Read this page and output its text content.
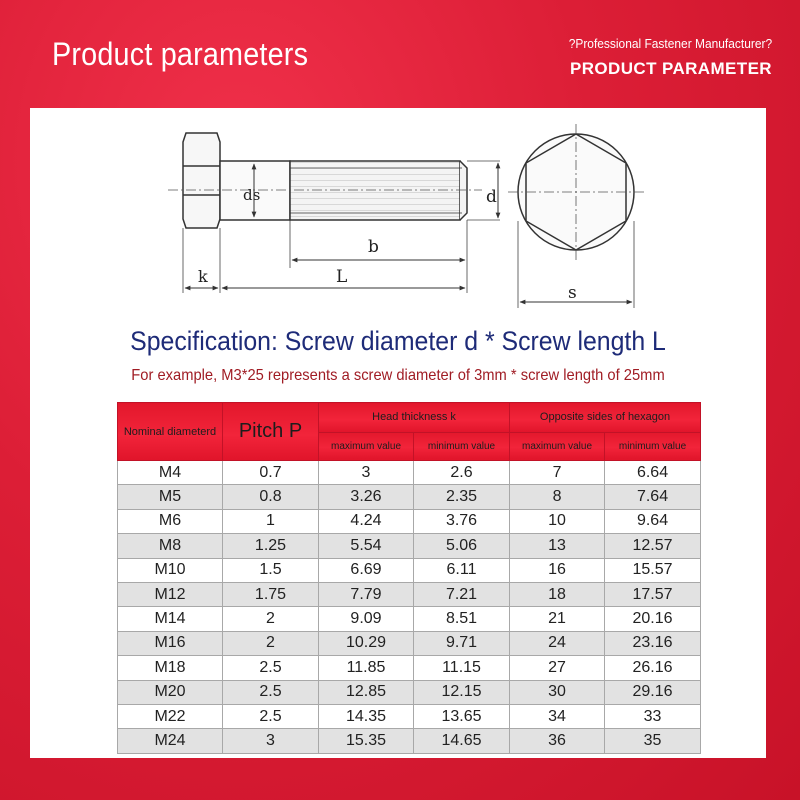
Product parameters	?Professional Fastener Manufacturer?
PRODUCT PARAMETER
ds	d
b
k	L
s
Specification: Screw diameter d * Screw length L
For example, M3*25 represents a screw diameter of 3mm * screw length of 25mm
Nominal diameterd	Pitch P	Head thickness k		Opposite sides of hexagon	
		maximum value	minimum value	maximum value	minimum value
M4	0.7	3	2.6	7	6.64
M5	0.8	3.26	2.35	8	7.64
M6	1	4.24	3.76	10	9.64
M8	1.25	5.54	5.06	13	12.57
M10	1.5	6.69	6.11	16	15.57
M12	1.75	7.79	7.21	18	17.57
M14	2	9.09	8.51	21	20.16
M16	2	10.29	9.71	24	23.16
M18	2.5	11.85	11.15	27	26.16
M20	2.5	12.85	12.15	30	29.16
M22	2.5	14.35	13.65	34	33
M24	3	15.35	14.65	36	35
